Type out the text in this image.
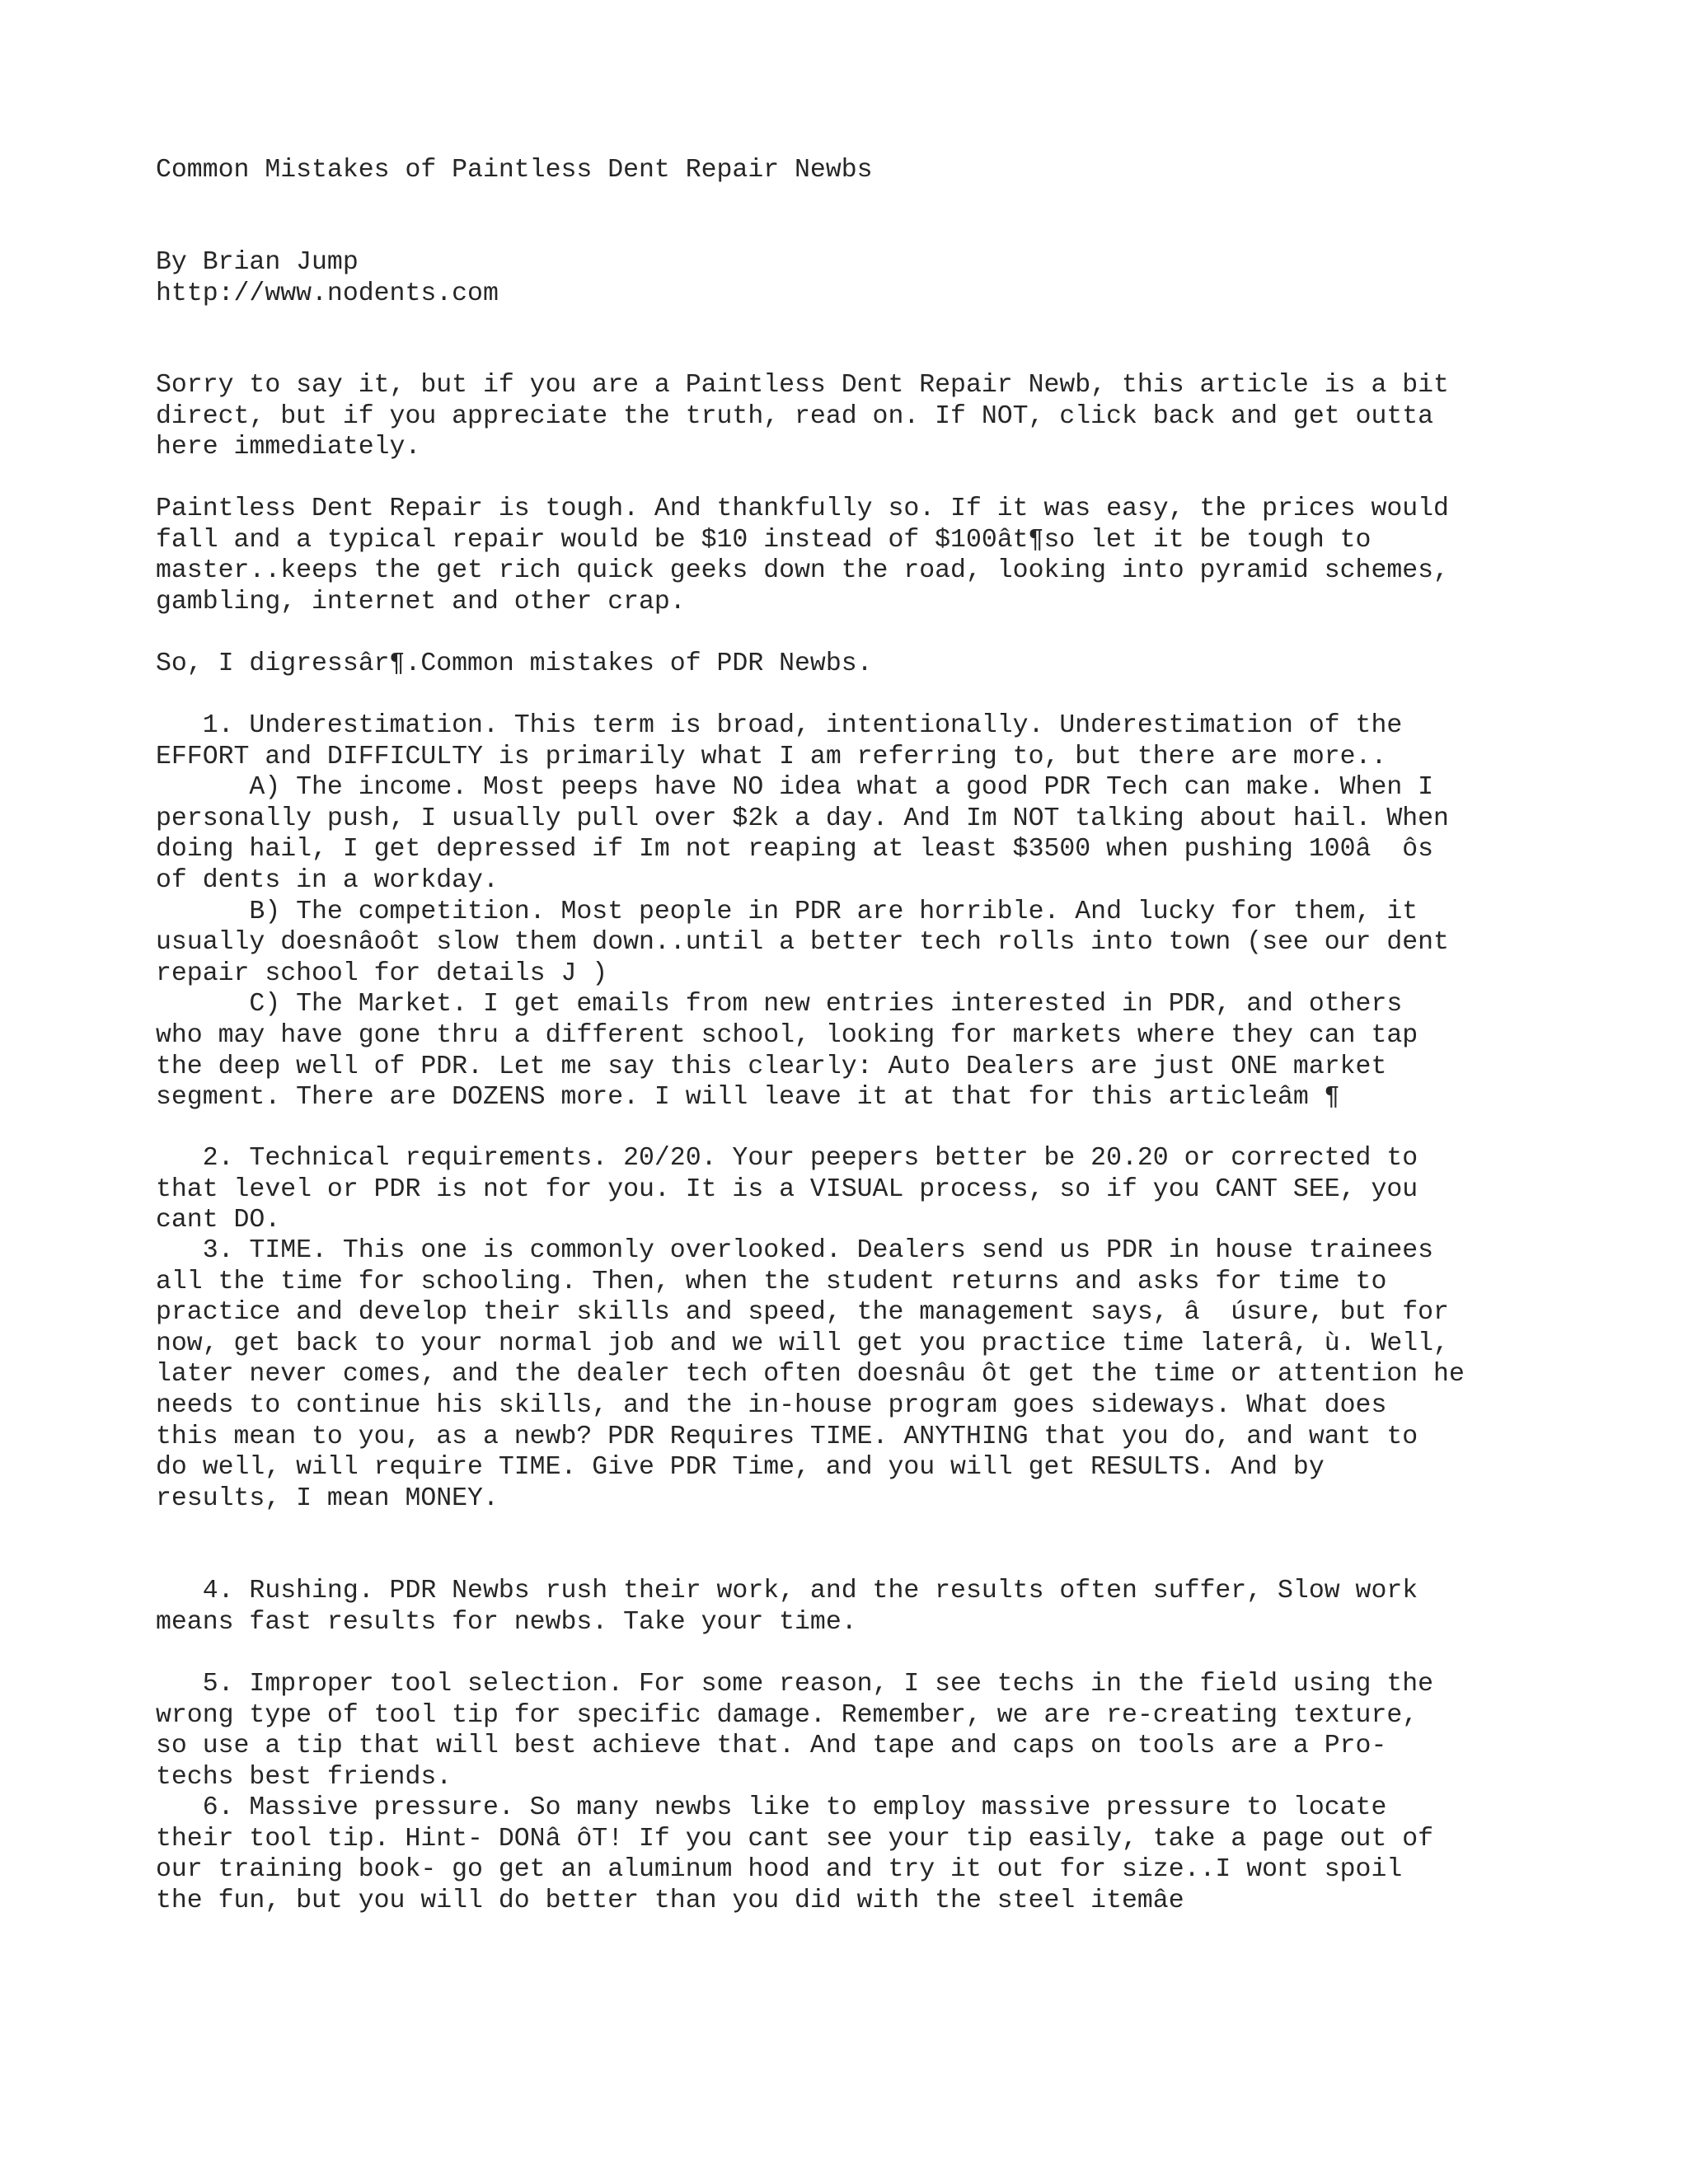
Common Mistakes of Paintless Dent Repair Newbs
By Brian Jump
http://www.nodents.com
Sorry to say it, but if you are a Paintless Dent Repair Newb, this article is a bit
direct, but if you appreciate the truth, read on. If NOT, click back and get outta
here immediately.
Paintless Dent Repair is tough. And thankfully so. If it was easy, the prices would
fall and a typical repair would be $10 instead of $100ât¶so let it be tough to
master..keeps the get rich quick geeks down the road, looking into pyramid schemes,
gambling, internet and other crap.
So, I digressâr¶.Common mistakes of PDR Newbs.
1. Underestimation. This term is broad, intentionally. Underestimation of the
EFFORT and DIFFICULTY is primarily what I am referring to, but there are more..
A) The income. Most peeps have NO idea what a good PDR Tech can make. When I
personally push, I usually pull over $2k a day. And Im NOT talking about hail. When
doing hail, I get depressed if Im not reaping at least $3500 when pushing 100â  ôs
of dents in a workday.
B) The competition. Most people in PDR are horrible. And lucky for them, it
usually doesnâoôt slow them down..until a better tech rolls into town (see our dent
repair school for details J )
C) The Market. I get emails from new entries interested in PDR, and others
who may have gone thru a different school, looking for markets where they can tap
the deep well of PDR. Let me say this clearly: Auto Dealers are just ONE market
segment. There are DOZENS more. I will leave it at that for this articleâm ¶
2. Technical requirements. 20/20. Your peepers better be 20.20 or corrected to
that level or PDR is not for you. It is a VISUAL process, so if you CANT SEE, you
cant DO.
3. TIME. This one is commonly overlooked. Dealers send us PDR in house trainees
all the time for schooling. Then, when the student returns and asks for time to
practice and develop their skills and speed, the management says, â  úsure, but for
now, get back to your normal job and we will get you practice time laterâ, ù. Well,
later never comes, and the dealer tech often doesnâu ôt get the time or attention he
needs to continue his skills, and the in-house program goes sideways. What does
this mean to you, as a newb? PDR Requires TIME. ANYTHING that you do, and want to
do well, will require TIME. Give PDR Time, and you will get RESULTS. And by
results, I mean MONEY.
4. Rushing. PDR Newbs rush their work, and the results often suffer, Slow work
means fast results for newbs. Take your time.
5. Improper tool selection. For some reason, I see techs in the field using the
wrong type of tool tip for specific damage. Remember, we are re-creating texture,
so use a tip that will best achieve that. And tape and caps on tools are a Pro-
techs best friends.
6. Massive pressure. So many newbs like to employ massive pressure to locate
their tool tip. Hint- DONâ ôT! If you cant see your tip easily, take a page out of
our training book- go get an aluminum hood and try it out for size..I wont spoil
the fun, but you will do better than you did with the steel itemâe
